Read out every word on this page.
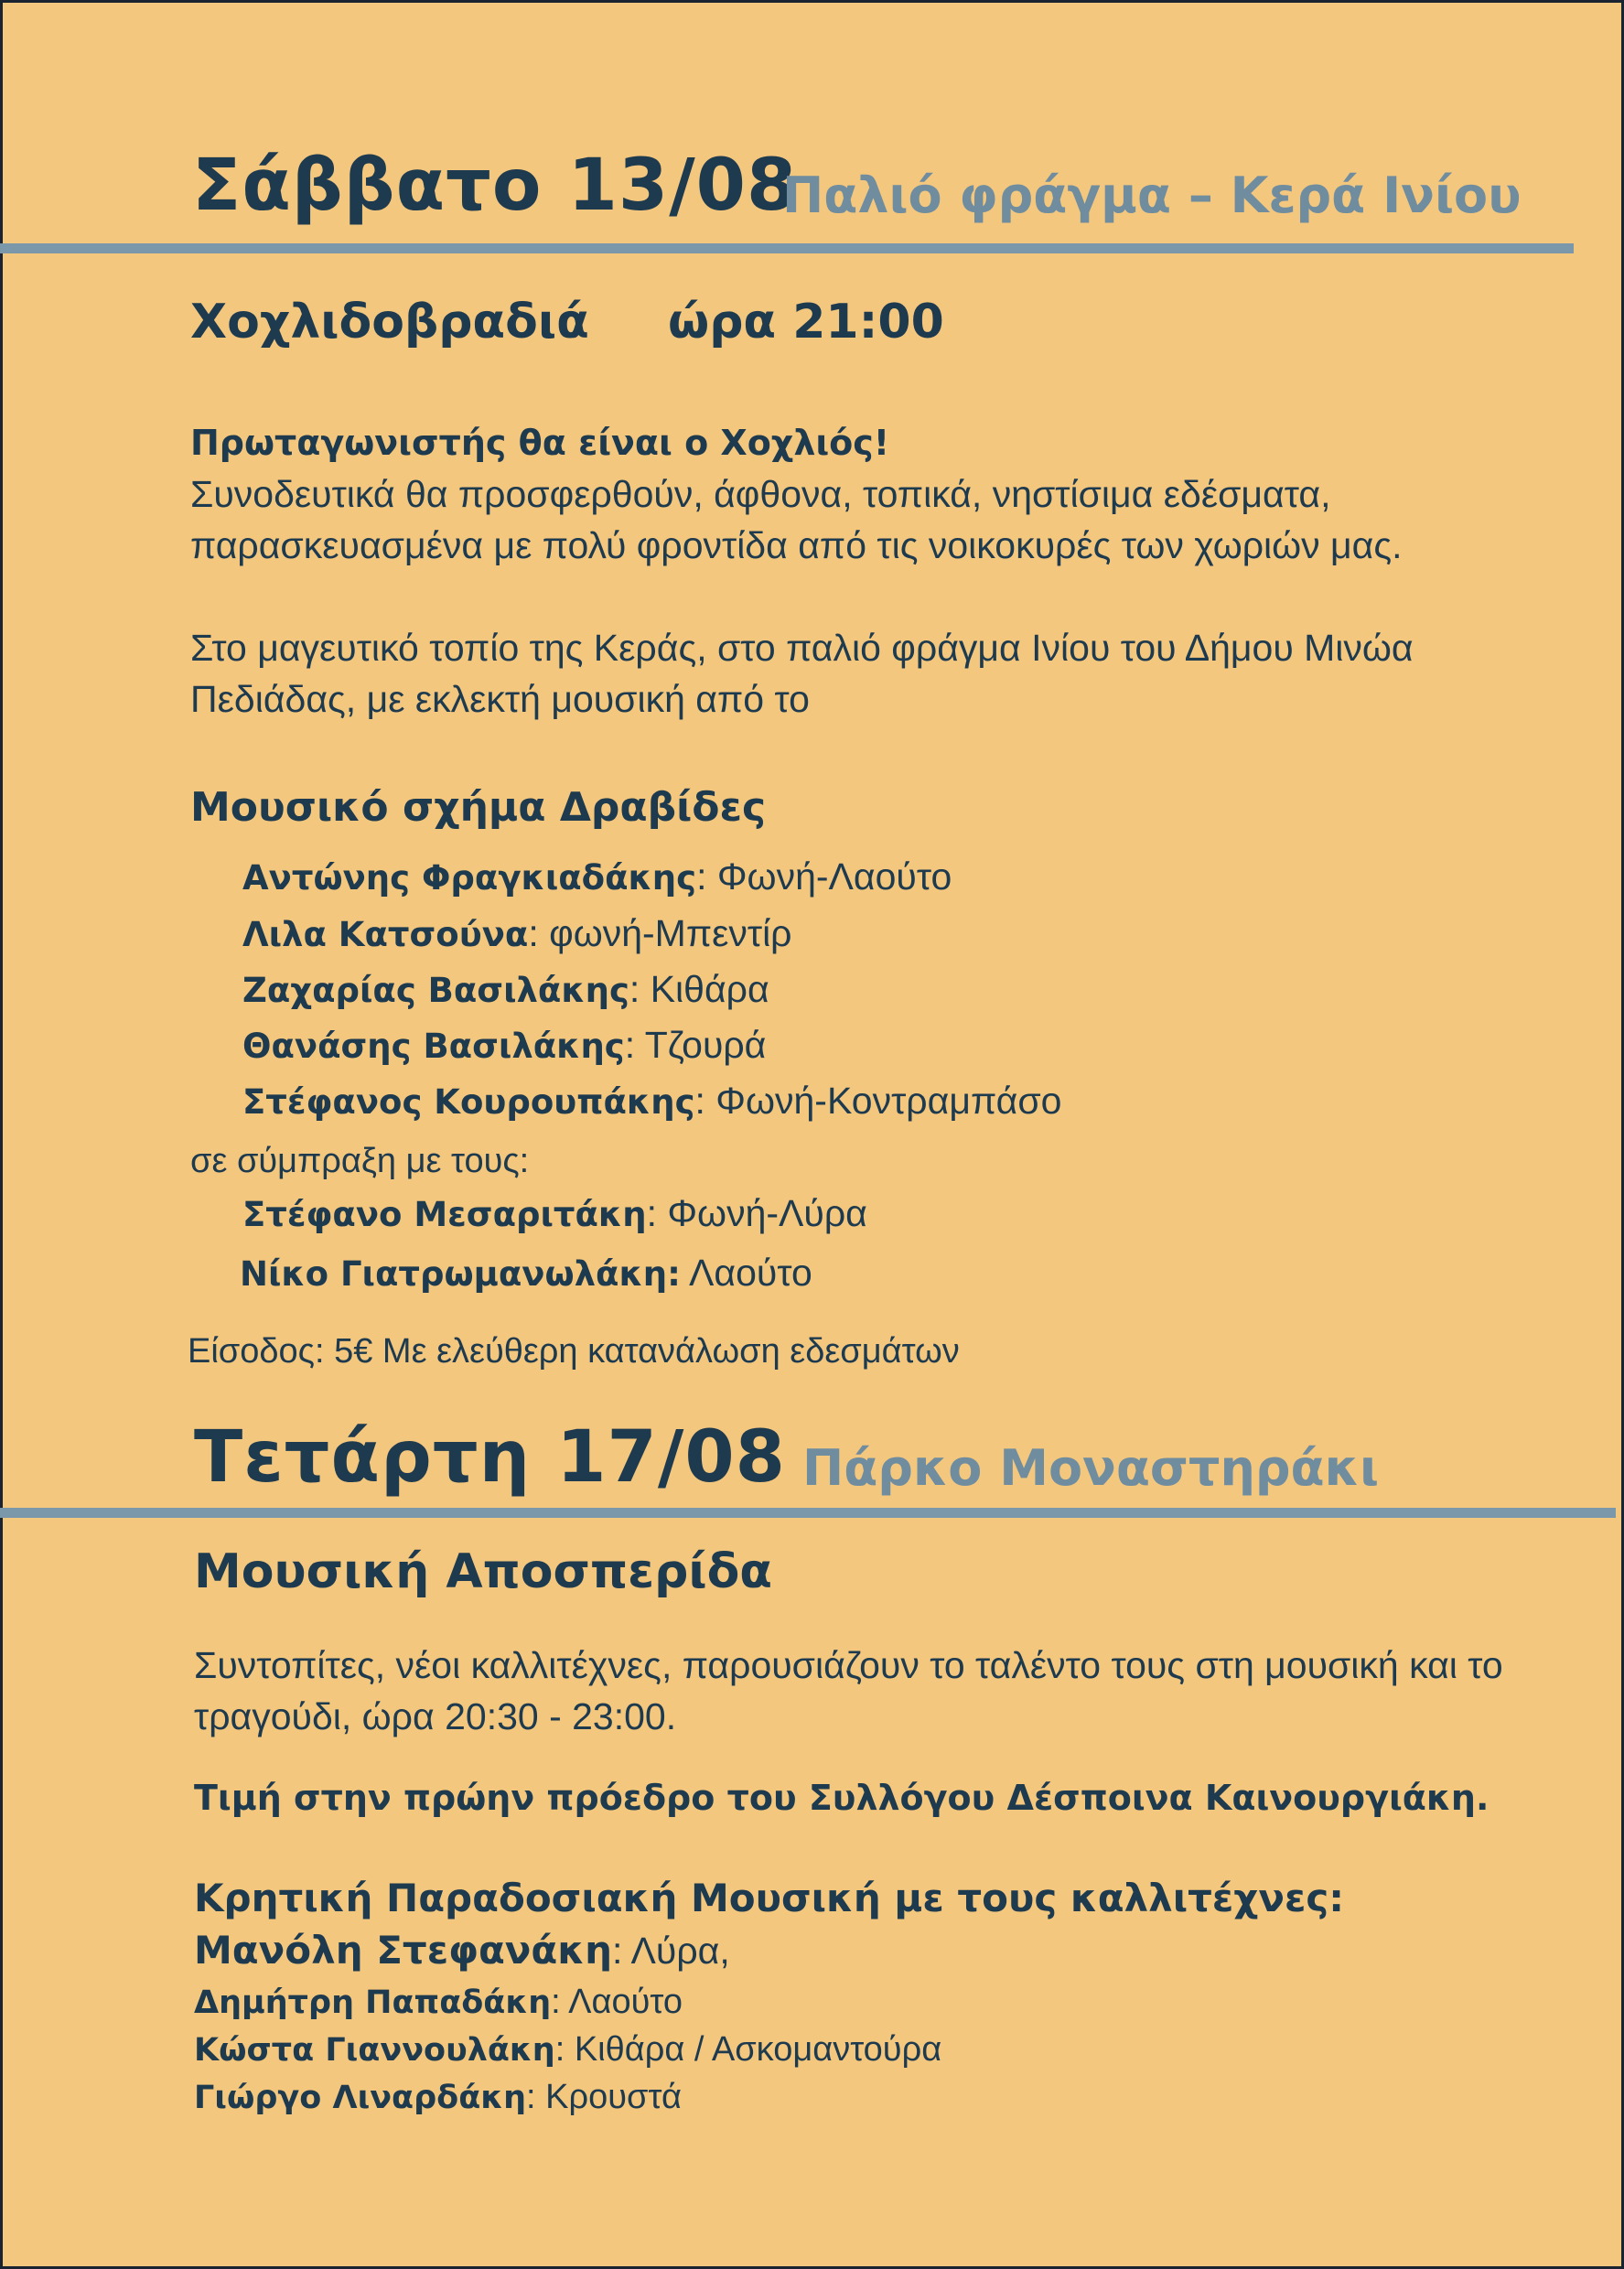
Σάββατο 13/08
Παλιό φράγμα – Κερά Ινίου
Χοχλιδοβραδιά ώρα 21:00
Πρωταγωνιστής θα είναι ο Χοχλιός!
Συνοδευτικά θα προσφερθούν, άφθονα, τοπικά, νηστίσιμα εδέσματα, παρασκευασμένα με πολύ φροντίδα από τις νοικοκυρές των χωριών μας.
Στο μαγευτικό τοπίο της Κεράς, στο παλιό φράγμα Ινίου του Δήμου Μινώα Πεδιάδας, με εκλεκτή μουσική από το
Μουσικό σχήμα Δραβίδες
Αντώνης Φραγκιαδάκης: Φωνή-Λαούτο
Λιλα Κατσούνα: φωνή-Μπεντίρ
Ζαχαρίας Βασιλάκης: Κιθάρα
Θανάσης Βασιλάκης: Τζουρά
Στέφανος Κουρουπάκης: Φωνή-Κοντραμπάσο
σε σύμπραξη με τους:
Στέφανο Μεσαριτάκη: Φωνή-Λύρα
Νίκο Γιατρωμανωλάκη: Λαούτο
Είσοδος: 5€ Με ελεύθερη κατανάλωση εδεσμάτων
Τετάρτη 17/08 Πάρκο Μοναστηράκι
Μουσική Αποσπερίδα
Συντοπίτες, νέοι καλλιτέχνες, παρουσιάζουν το ταλέντο τους στη μουσική και το τραγούδι, ώρα 20:30 - 23:00.
Τιμή στην πρώην πρόεδρο του Συλλόγου Δέσποινα Καινουργιάκη.
Κρητική Παραδοσιακή Μουσική με τους καλλιτέχνες:
Μανόλη Στεφανάκη: Λύρα,
Δημήτρη Παπαδάκη: Λαούτο
Κώστα Γιαννουλάκη: Κιθάρα / Ασκομαντούρα
Γιώργο Λιναρδάκη: Κρουστά
